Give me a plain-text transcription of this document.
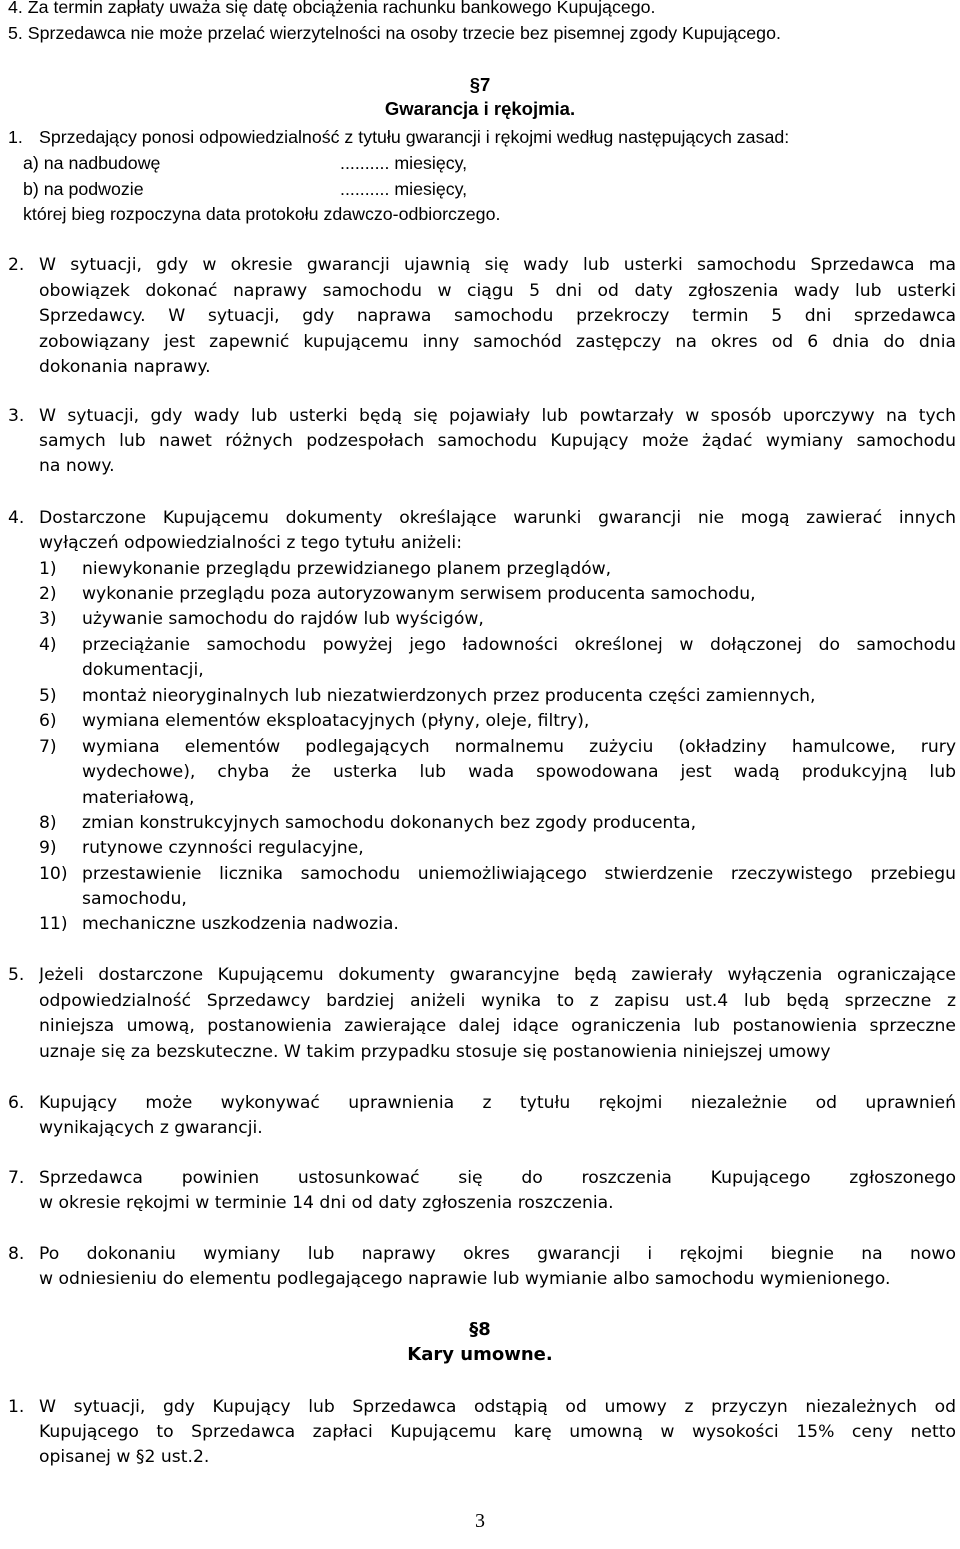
4. Za termin zapłaty uważa się datę obciążenia rachunku bankowego Kupującego.
5. Sprzedawca nie może przelać wierzytelności na osoby trzecie bez pisemnej zgody Kupującego.
§7
Gwarancja i rękojmia.
1. Sprzedający ponosi odpowiedzialność z tytułu gwarancji i rękojmi według następujących zasad:
a) na nadbudowę	.......... miesięcy,
b) na podwozie	.......... miesięcy,
której bieg rozpoczyna data protokołu zdawczo-odbiorczego.
2. W sytuacji, gdy w okresie gwarancji ujawnią się wady lub usterki samochodu Sprzedawca ma
obowiązek dokonać naprawy samochodu w ciągu 5 dni od daty zgłoszenia wady lub usterki
Sprzedawcy. W sytuacji, gdy naprawa samochodu przekroczy termin 5 dni sprzedawca
zobowiązany jest zapewnić kupującemu inny samochód zastępczy na okres od 6 dnia do dnia
dokonania naprawy.
3. W sytuacji, gdy wady lub usterki będą się pojawiały lub powtarzały w sposób uporczywy na tych
samych lub nawet różnych podzespołach samochodu Kupujący może żądać wymiany samochodu
na nowy.
4. Dostarczone Kupującemu dokumenty określające warunki gwarancji nie mogą zawierać innych
wyłączeń odpowiedzialności z tego tytułu aniżeli:
1) niewykonanie przeglądu przewidzianego planem przeglądów,
2) wykonanie przeglądu poza autoryzowanym serwisem producenta samochodu,
3) używanie samochodu do rajdów lub wyścigów,
4) przeciążanie samochodu powyżej jego ładowności określonej w dołączonej do samochodu
dokumentacji,
5) montaż nieoryginalnych lub niezatwierdzonych przez producenta części zamiennych,
6) wymiana elementów eksploatacyjnych (płyny, oleje, filtry),
7) wymiana elementów podlegających normalnemu zużyciu (okładziny hamulcowe, rury
wydechowe), chyba że usterka lub wada spowodowana jest wadą produkcyjną lub
materiałową,
8) zmian konstrukcyjnych samochodu dokonanych bez zgody producenta,
9) rutynowe czynności regulacyjne,
10) przestawienie licznika samochodu uniemożliwiającego stwierdzenie rzeczywistego przebiegu
samochodu,
11) mechaniczne uszkodzenia nadwozia.
5. Jeżeli dostarczone Kupującemu dokumenty gwarancyjne będą zawierały wyłączenia ograniczające
odpowiedzialność Sprzedawcy bardziej aniżeli wynika to z zapisu ust.4 lub będą sprzeczne z
niniejsza umową, postanowienia zawierające dalej idące ograniczenia lub postanowienia sprzeczne
uznaje się za bezskuteczne. W takim przypadku stosuje się postanowienia niniejszej umowy
6. Kupujący może wykonywać uprawnienia z tytułu rękojmi niezależnie od uprawnień
wynikających z gwarancji.
7. Sprzedawca powinien ustosunkować się do roszczenia Kupującego zgłoszonego
w okresie rękojmi w terminie 14 dni od daty zgłoszenia roszczenia.
8. Po dokonaniu wymiany lub naprawy okres gwarancji i rękojmi biegnie na nowo
w odniesieniu do elementu podlegającego naprawie lub wymianie albo samochodu wymienionego.
§8
Kary umowne.
1. W sytuacji, gdy Kupujący lub Sprzedawca odstąpią od umowy z przyczyn niezależnych od
Kupującego to Sprzedawca zapłaci Kupującemu karę umowną w wysokości 15% ceny netto
opisanej w §2 ust.2.
3
